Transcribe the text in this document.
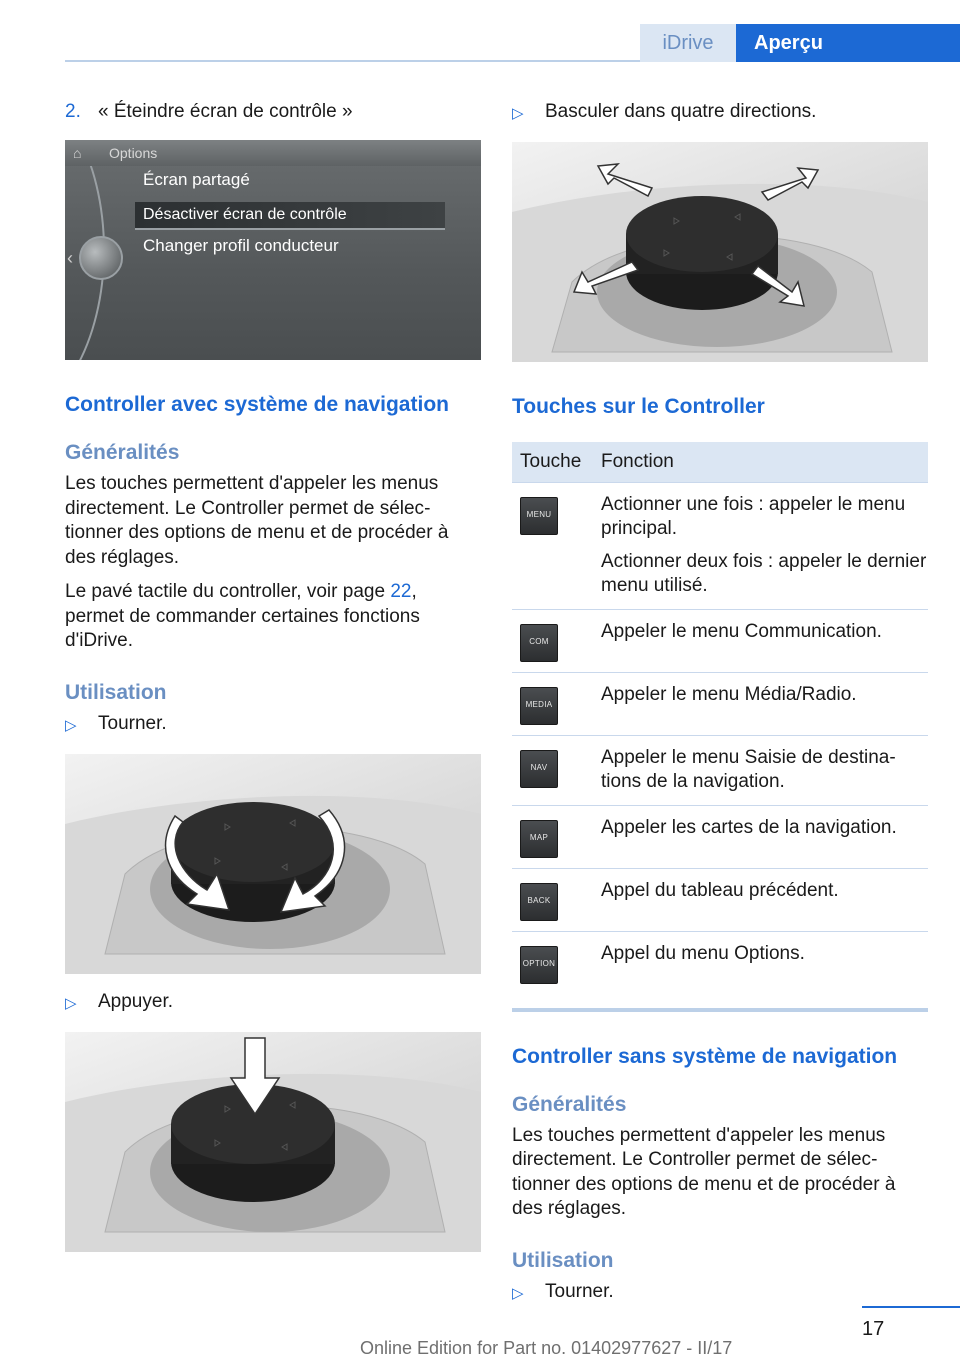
iDrive	Aperçu
2. « Éteindre écran de contrôle »
⌂ Options
Écran partagé
Désactiver écran de contrôle
Changer profil conducteur
‹
Controller avec système de navigation
Généralités

Les touches permettent d'appeler les menus directement. Le Controller permet de sélectionner des options de menu et de procéder à des réglages.

Le pavé tactile du controller, voir page 22, permet de commander certaines fonctions d'iDrive.

Utilisation
▷	Tourner.
▷	Appuyer.
▷	Basculer dans quatre directions.
Touches sur le Controller
Touche	Fonction

MENU	Actionner une fois : appeler le menu principal.

Actionner deux fois : appeler le dernier menu utilisé.

COM	Appeler le menu Communication.

MEDIA	Appeler le menu Média/Radio.

NAV	Appeler le menu Saisie de destinations de la navigation.

MAP	Appeler les cartes de la navigation.

BACK	Appel du tableau précédent.

OPTION	Appel du menu Options.

Controller sans système de navigation
Généralités

Les touches permettent d'appeler les menus directement. Le Controller permet de sélectionner des options de menu et de procéder à des réglages.

Utilisation
▷	Tourner.
17
Online Edition for Part no. 01402977627 - II/17
